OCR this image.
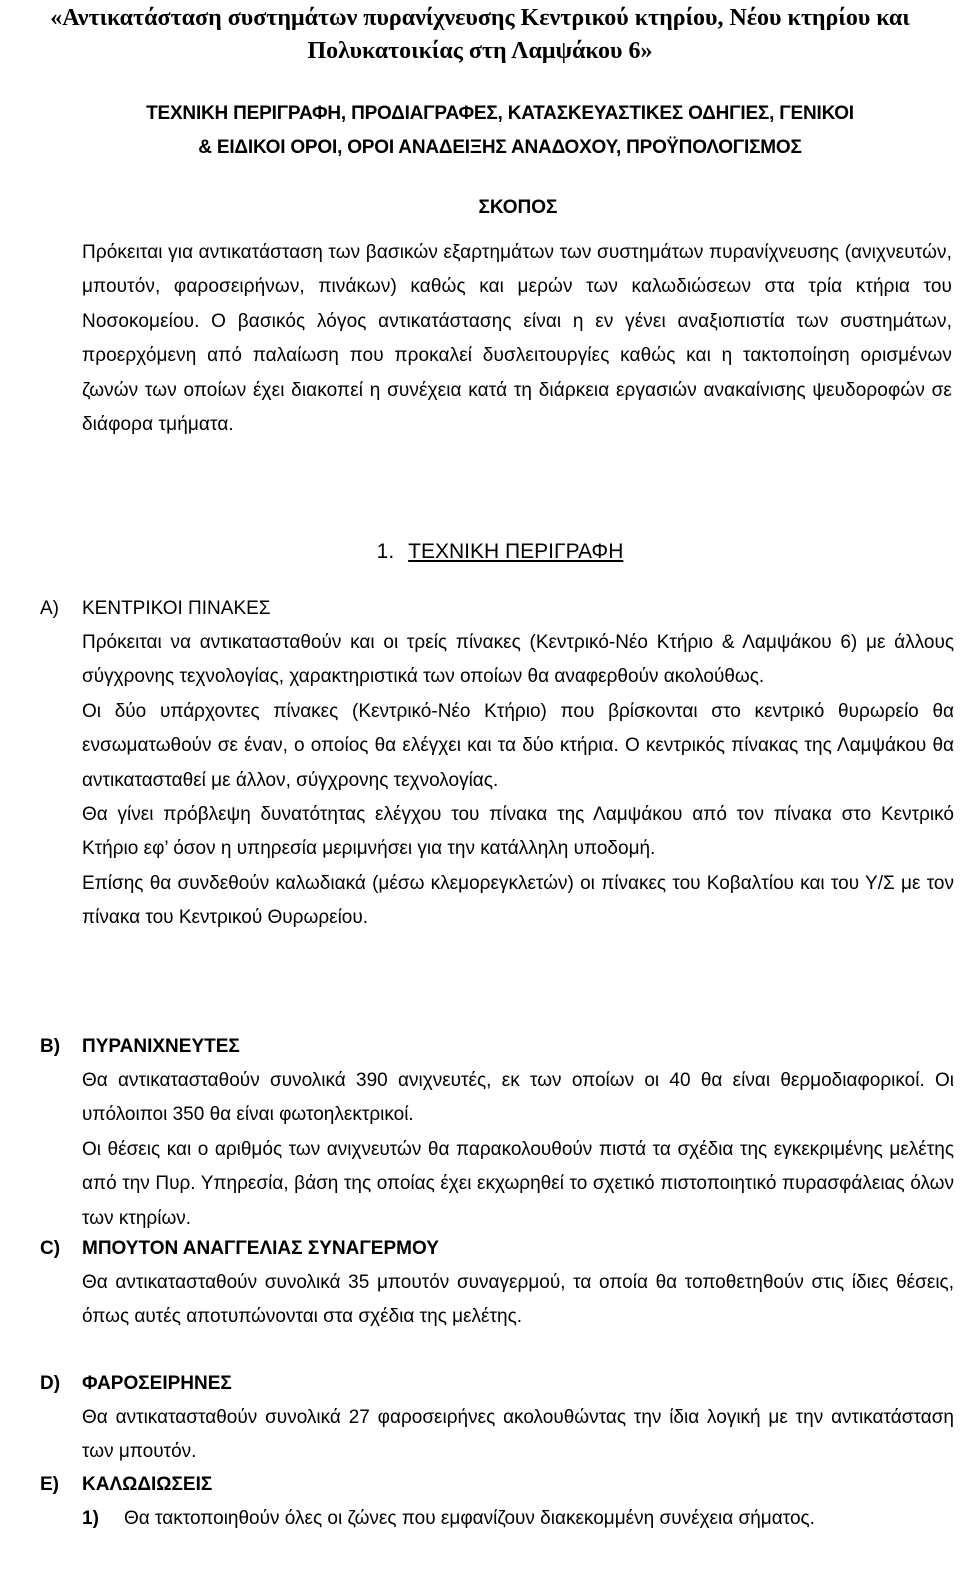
«Αντικατάσταση συστημάτων πυρανίχνευσης Κεντρικού κτηρίου, Νέου κτηρίου και Πολυκατοικίας στη Λαμψάκου 6»
ΤΕΧΝΙΚΗ ΠΕΡΙΓΡΑΦΗ, ΠΡΟΔΙΑΓΡΑΦΕΣ, ΚΑΤΑΣΚΕΥΑΣΤΙΚΕΣ ΟΔΗΓΙΕΣ, ΓΕΝΙΚΟΙ
& ΕΙΔΙΚΟΙ ΟΡΟΙ, ΟΡΟΙ ΑΝΑΔΕΙΞΗΣ ΑΝΑΔΟΧΟΥ, ΠΡΟΫΠΟΛΟΓΙΣΜΟΣ
ΣΚΟΠΟΣ

Πρόκειται για αντικατάσταση των βασικών εξαρτημάτων των συστημάτων πυρανίχνευσης (ανιχνευτών, μπουτόν, φαροσειρήνων, πινάκων) καθώς και μερών των καλωδιώσεων στα τρία κτήρια του Νοσοκομείου. Ο βασικός λόγος αντικατάστασης είναι η εν γένει αναξιοπιστία των συστημάτων, προερχόμενη από παλαίωση που προκαλεί δυσλειτουργίες καθώς και η τακτοποίηση ορισμένων ζωνών των οποίων έχει διακοπεί η συνέχεια κατά τη διάρκεια εργασιών ανακαίνισης ψευδοροφών σε διάφορα τμήματα.

1. ΤΕΧΝΙΚΗ ΠΕΡΙΓΡΑΦΗ
Α) ΚΕΝΤΡΙΚΟΙ ΠΙΝΑΚΕΣ

Πρόκειται να αντικατασταθούν και οι τρείς πίνακες (Κεντρικό-Νέο Κτήριο & Λαμψάκου 6) με άλλους σύγχρονης τεχνολογίας, χαρακτηριστικά των οποίων θα αναφερθούν ακολούθως.

Οι δύο υπάρχοντες πίνακες (Κεντρικό-Νέο Κτήριο) που βρίσκονται στο κεντρικό θυρωρείο θα ενσωματωθούν σε έναν, ο οποίος θα ελέγχει και τα δύο κτήρια. Ο κεντρικός πίνακας της Λαμψάκου θα αντικατασταθεί με άλλον, σύγχρονης τεχνολογίας.

Θα γίνει πρόβλεψη δυνατότητας ελέγχου του πίνακα της Λαμψάκου από τον πίνακα στο Κεντρικό Κτήριο εφ’ όσον η υπηρεσία μεριμνήσει για την κατάλληλη υποδομή.

Επίσης θα συνδεθούν καλωδιακά (μέσω κλεμορεγκλετών) οι πίνακες του Κοβαλτίου και του Υ/Σ με τον πίνακα του Κεντρικού Θυρωρείου.

Β) ΠΥΡΑΝΙΧΝΕΥΤΕΣ

Θα αντικατασταθούν συνολικά 390 ανιχνευτές, εκ των οποίων οι 40 θα είναι θερμοδιαφορικοί. Οι υπόλοιποι 350 θα είναι φωτοηλεκτρικοί.

Οι θέσεις και ο αριθμός των ανιχνευτών θα παρακολουθούν πιστά τα σχέδια της εγκεκριμένης μελέτης από την Πυρ. Υπηρεσία, βάση της οποίας έχει εκχωρηθεί το σχετικό πιστοποιητικό πυρασφάλειας όλων των κτηρίων.

C) ΜΠΟΥΤΟΝ ΑΝΑΓΓΕΛΙΑΣ ΣΥΝΑΓΕΡΜΟΥ

Θα αντικατασταθούν συνολικά 35 μπουτόν συναγερμού, τα οποία θα τοποθετηθούν στις ίδιες θέσεις, όπως αυτές αποτυπώνονται στα σχέδια της μελέτης.

D) ΦΑΡΟΣΕΙΡΗΝΕΣ

Θα αντικατασταθούν συνολικά 27 φαροσειρήνες ακολουθώντας την ίδια λογική με την αντικατάσταση των μπουτόν.

E) ΚΑΛΩΔΙΩΣΕΙΣ
1) Θα τακτοποιηθούν όλες οι ζώνες που εμφανίζουν διακεκομμένη συνέχεια σήματος.
